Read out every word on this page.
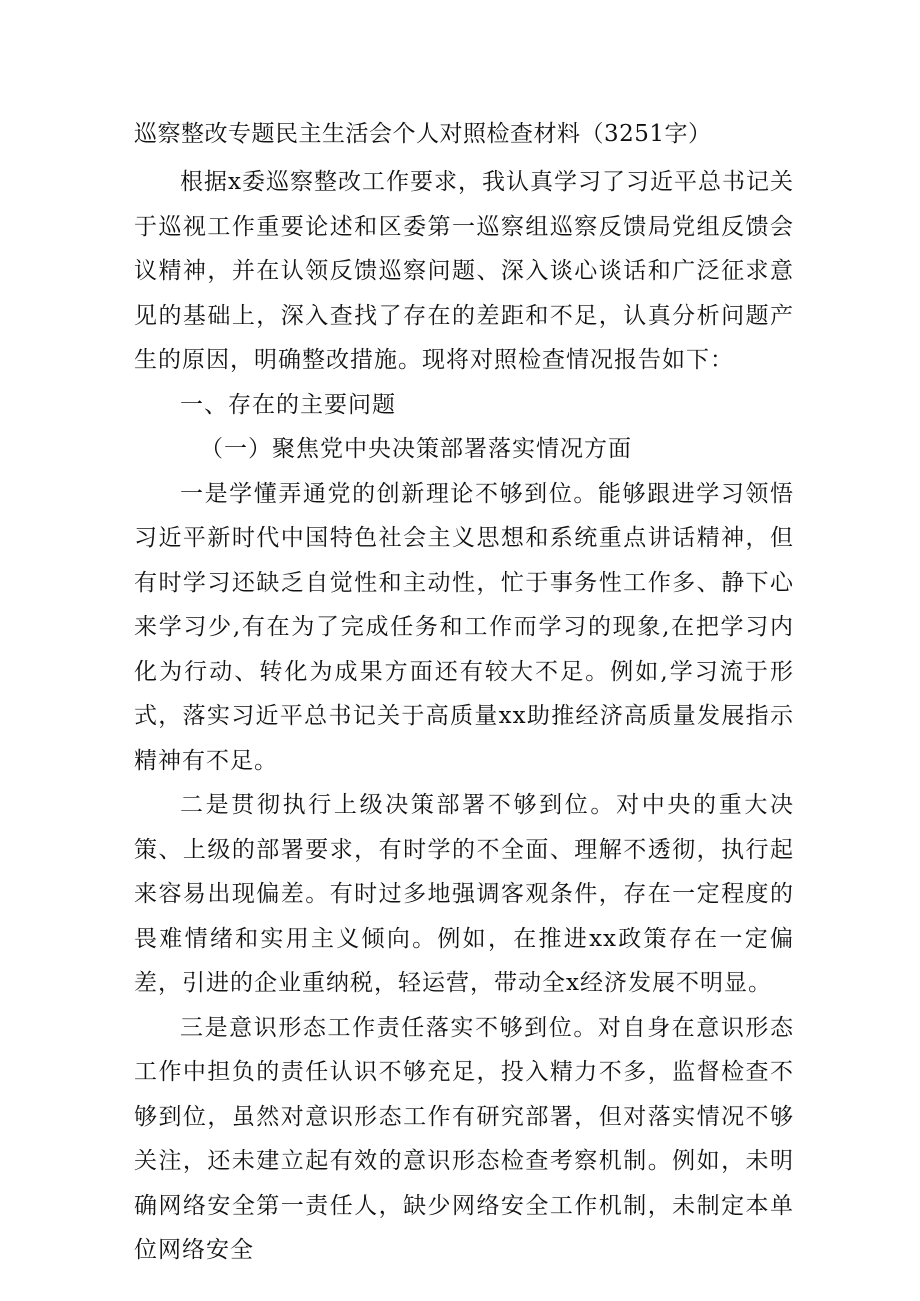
巡察整改专题民主生活会个人对照检查材料（3251字）

根据x委巡察整改工作要求，我认真学习了习近平总书记关于巡视工作重要论述和区委第一巡察组巡察反馈局党组反馈会议精神，并在认领反馈巡察问题、深入谈心谈话和广泛征求意见的基础上，深入查找了存在的差距和不足，认真分析问题产生的原因，明确整改措施。现将对照检查情况报告如下：

一、存在的主要问题

（一）聚焦党中央决策部署落实情况方面

一是学懂弄通党的创新理论不够到位。能够跟进学习领悟习近平新时代中国特色社会主义思想和系统重点讲话精神，但有时学习还缺乏自觉性和主动性，忙于事务性工作多、静下心来学习少,有在为了完成任务和工作而学习的现象,在把学习内化为行动、转化为成果方面还有较大不足。例如,学习流于形式，落实习近平总书记关于高质量xx助推经济高质量发展指示精神有不足。

二是贯彻执行上级决策部署不够到位。对中央的重大决策、上级的部署要求，有时学的不全面、理解不透彻，执行起来容易出现偏差。有时过多地强调客观条件，存在一定程度的畏难情绪和实用主义倾向。例如，在推进xx政策存在一定偏差，引进的企业重纳税，轻运营，带动全x经济发展不明显。

三是意识形态工作责任落实不够到位。对自身在意识形态工作中担负的责任认识不够充足，投入精力不多，监督检查不够到位，虽然对意识形态工作有研究部署，但对落实情况不够关注，还未建立起有效的意识形态检查考察机制。例如，未明确网络安全第一责任人，缺少网络安全工作机制，未制定本单位网络安全
